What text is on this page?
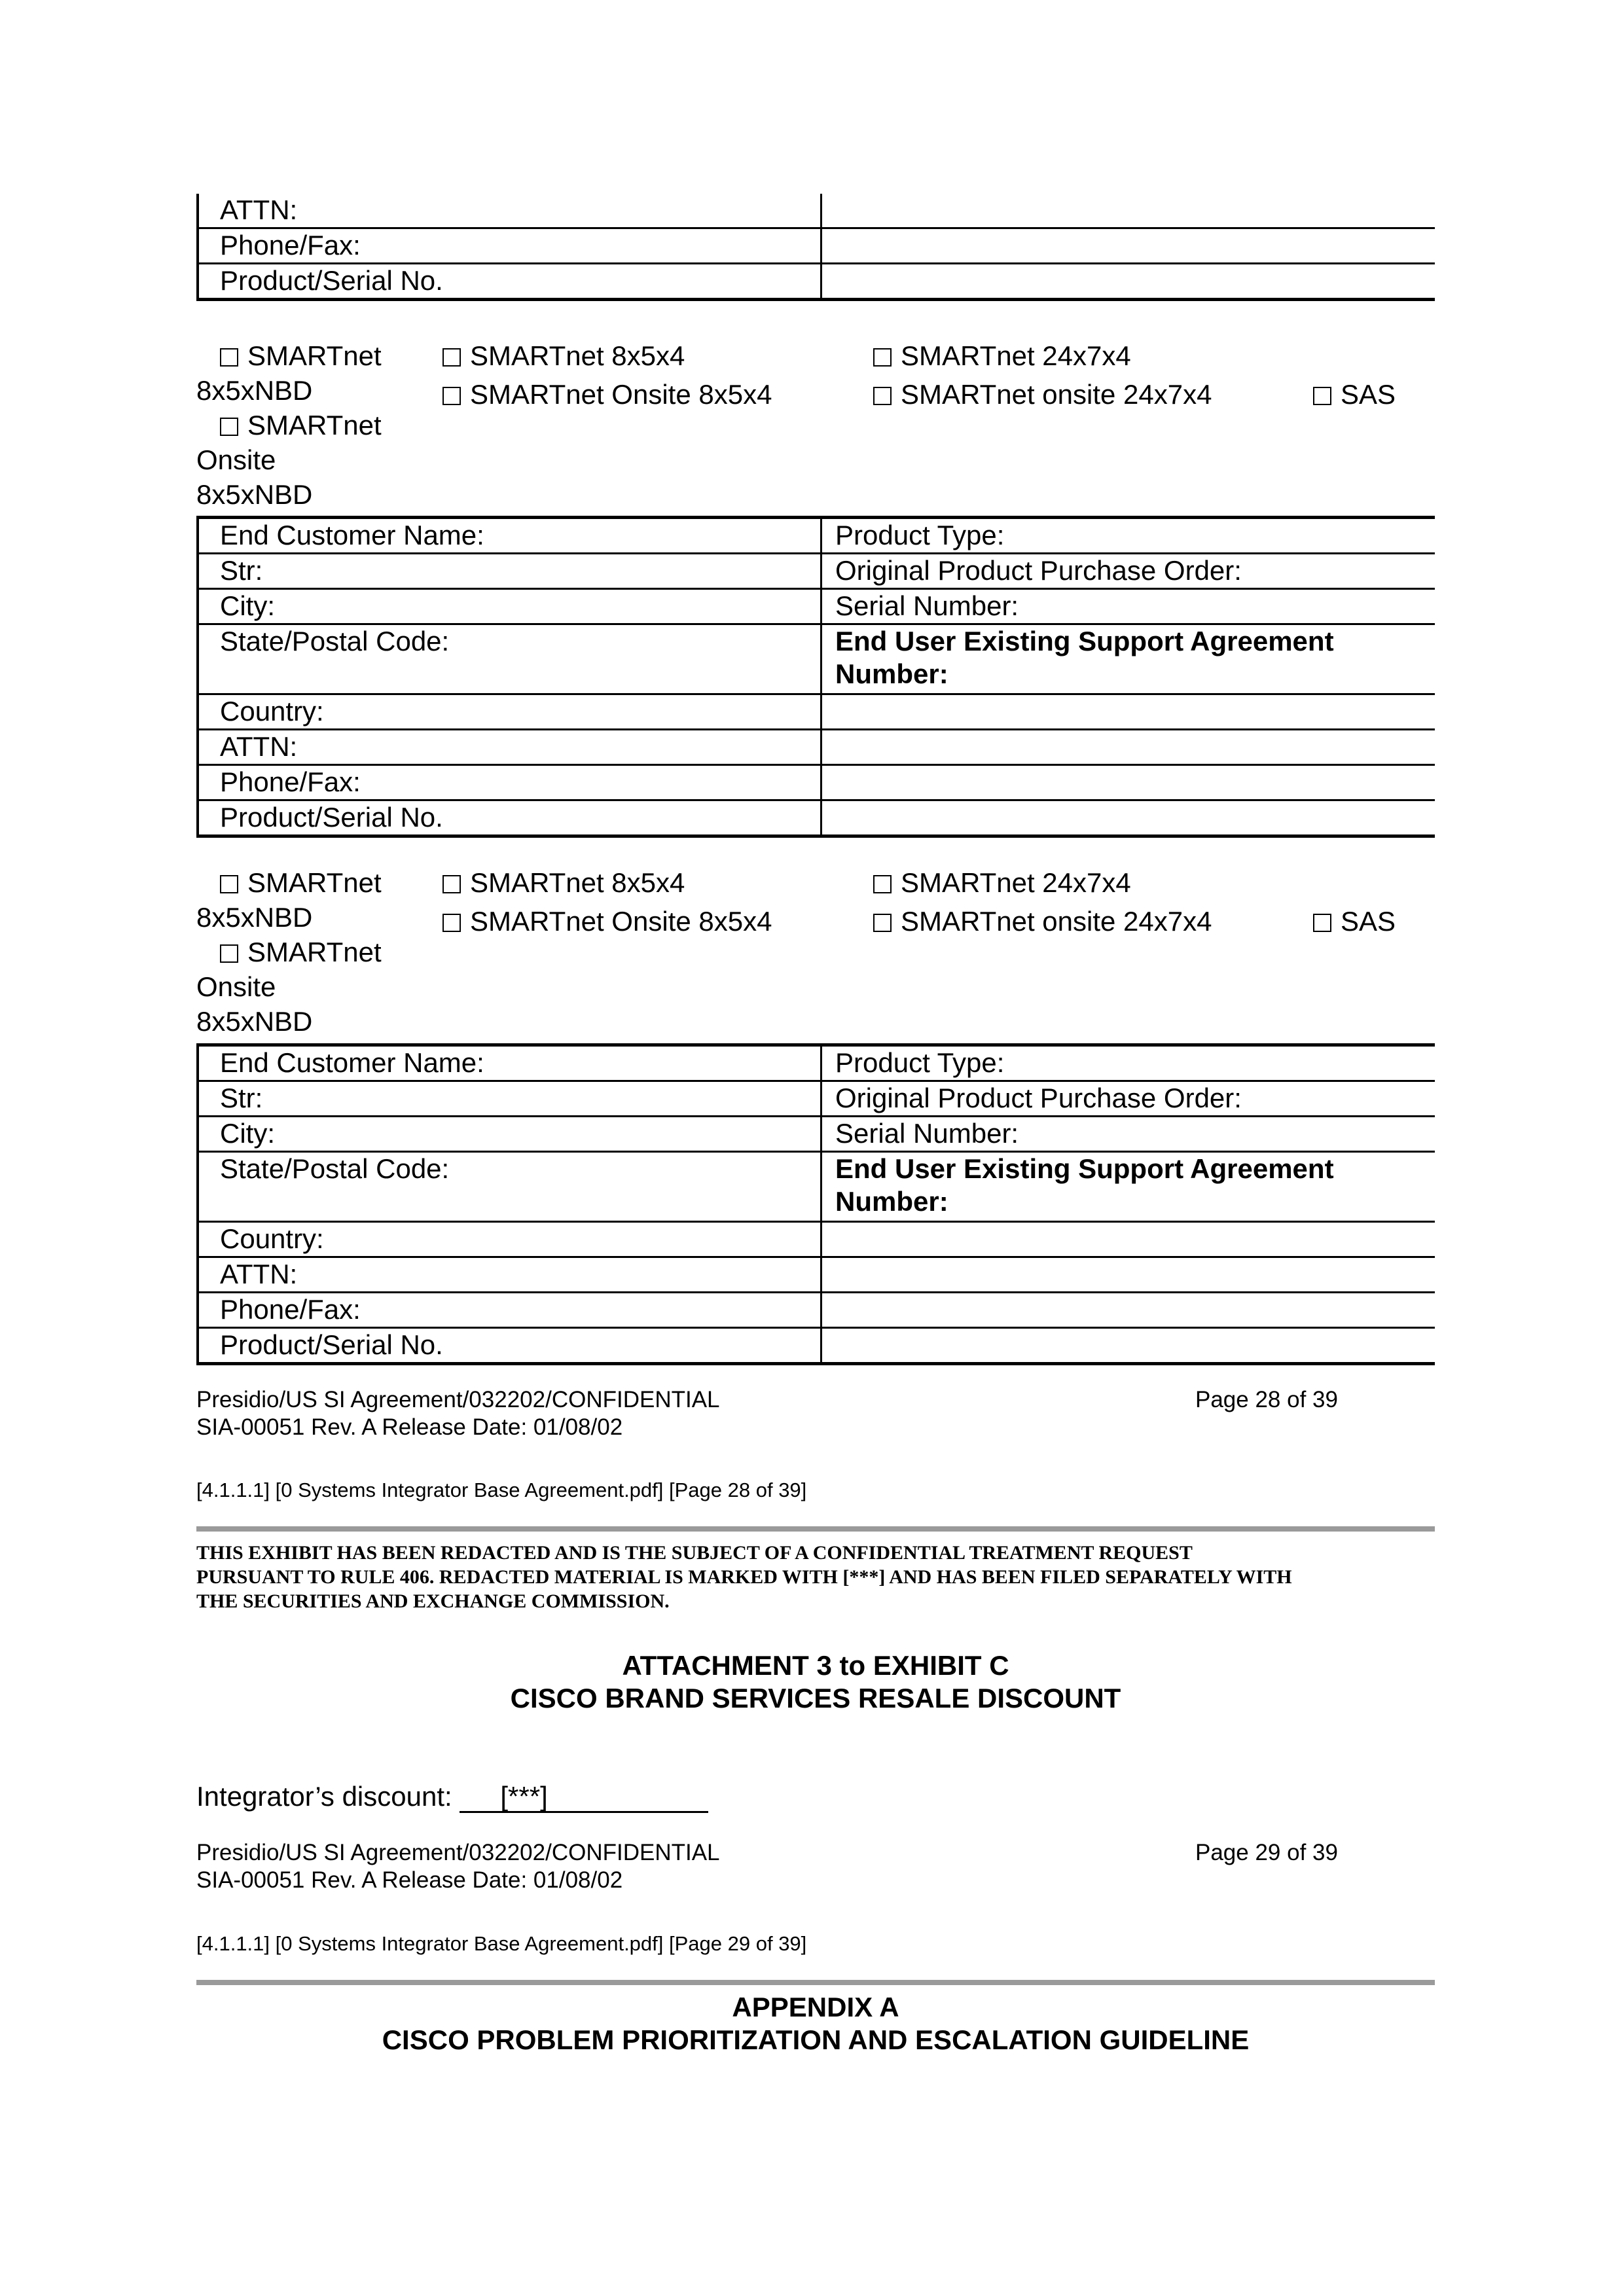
ATTN:	
Phone/Fax:	
Product/Serial No.	
SMARTnet
8x5xNBD
SMARTnet
Onsite
8x5xNBD
SMARTnet 8x5x4
SMARTnet Onsite 8x5x4
SMARTnet 24x7x4
SMARTnet onsite 24x7x4	SAS
End Customer Name:	Product Type:
Str:	Original Product Purchase Order:
City:	Serial Number:
State/Postal Code:	End User Existing Support Agreement
Number:

Country:	
ATTN:	
Phone/Fax:	
Product/Serial No.	
SMARTnet
8x5xNBD
SMARTnet
Onsite
8x5xNBD
SMARTnet 8x5x4
SMARTnet Onsite 8x5x4
SMARTnet 24x7x4
SMARTnet onsite 24x7x4	SAS
End Customer Name:	Product Type:
Str:	Original Product Purchase Order:
City:	Serial Number:
State/Postal Code:	End User Existing Support Agreement
Number:

Country:	
ATTN:	
Phone/Fax:	
Product/Serial No.	
Presidio/US SI Agreement/032202/CONFIDENTIAL	Page 28 of 39
SIA-00051 Rev. A Release Date: 01/08/02
[4.1.1.1] [0 Systems Integrator Base Agreement.pdf] [Page 28 of 39]
THIS EXHIBIT HAS BEEN REDACTED AND IS THE SUBJECT OF A CONFIDENTIAL TREATMENT REQUEST
PURSUANT TO RULE 406. REDACTED MATERIAL IS MARKED WITH [***] AND HAS BEEN FILED SEPARATELY WITH
THE SECURITIES AND EXCHANGE COMMISSION.
ATTACHMENT 3 to EXHIBIT C
CISCO BRAND SERVICES RESALE DISCOUNT
Integrator’s discount: [***]
Presidio/US SI Agreement/032202/CONFIDENTIAL	Page 29 of 39
SIA-00051 Rev. A Release Date: 01/08/02
[4.1.1.1] [0 Systems Integrator Base Agreement.pdf] [Page 29 of 39]
APPENDIX A
CISCO PROBLEM PRIORITIZATION AND ESCALATION GUIDELINE
